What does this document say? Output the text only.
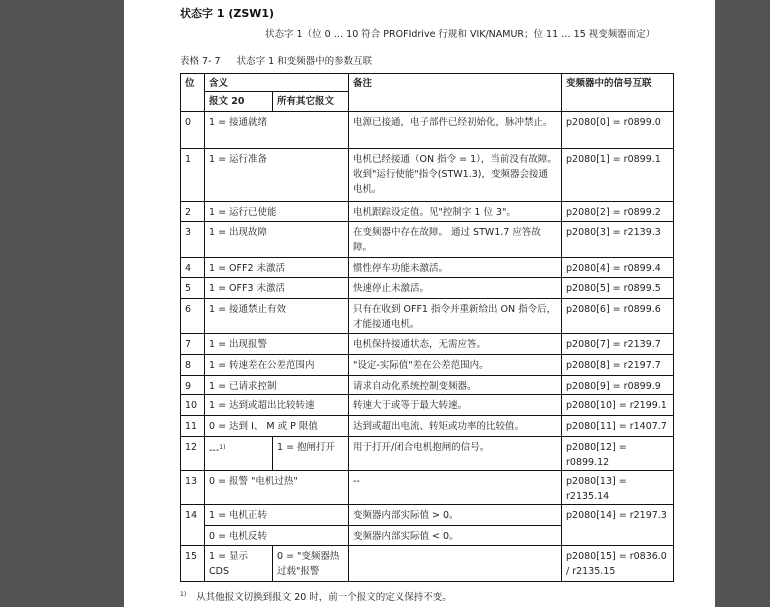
状态字 1 (ZSW1)
状态字 1（位 0 … 10 符合 PROFIdrive 行规和 VIK/NAMUR；位 11 … 15 视变频器而定）
表格 7- 7 状态字 1 和变频器中的参数互联
位	含义		备注	变频器中的信号互联
	报文 20	所有其它报文		
0	1 = 接通就绪		电源已接通，电子部件已经初始化，脉冲禁止。	p2080[0] = r0899.0
1	1 = 运行准备		电机已经接通（ON 指令 = 1），当前没有故障。 收到"运行使能"指令(STW1.3)，变频器会接通电机。	p2080[1] = r0899.1
2	1 = 运行已使能		电机跟踪设定值。见"控制字 1 位 3"。	p2080[2] = r0899.2
3	1 = 出现故障		在变频器中存在故障。 通过 STW1.7 应答故障。	p2080[3] = r2139.3
4	1 = OFF2 未激活		惯性停车功能未激活。	p2080[4] = r0899.4
5	1 = OFF3 未激活		快速停止未激活。	p2080[5] = r0899.5
6	1 = 接通禁止有效		只有在收到 OFF1 指令并重新给出 ON 指令后，才能接通电机。	p2080[6] = r0899.6
7	1 = 出现报警		电机保持接通状态，无需应答。	p2080[7] = r2139.7
8	1 = 转速差在公差范围内		"设定-实际值"差在公差范围内。	p2080[8] = r2197.7
9	1 = 已请求控制		请求自动化系统控制变频器。	p2080[9] = r0899.9
10	1 = 达到或超出比较转速		转速大于或等于最大转速。	p2080[10] = r2199.1
11	0 = 达到 I、 M 或 P 限值		达到或超出电流、转矩或功率的比较值。	p2080[11] = r1407.7
12	---$^{1)}$	1 = 抱闸打开	用于打开/闭合电机抱闸的信号。	p2080[12] = r0899.12
13	0 = 报警 "电机过热"		--	p2080[13] = r2135.14
14	1 = 电机正转		变频器内部实际值 > 0。	p2080[14] = r2197.3
	0 = 电机反转		变频器内部实际值 < 0。	
15	1 = 显示 CDS	0 = "变频器热过载"报警		p2080[15] = r0836.0 / r2135.15
$^{1)}$ 从其他报文切换到报文 20 时，前一个报文的定义保持不变。
